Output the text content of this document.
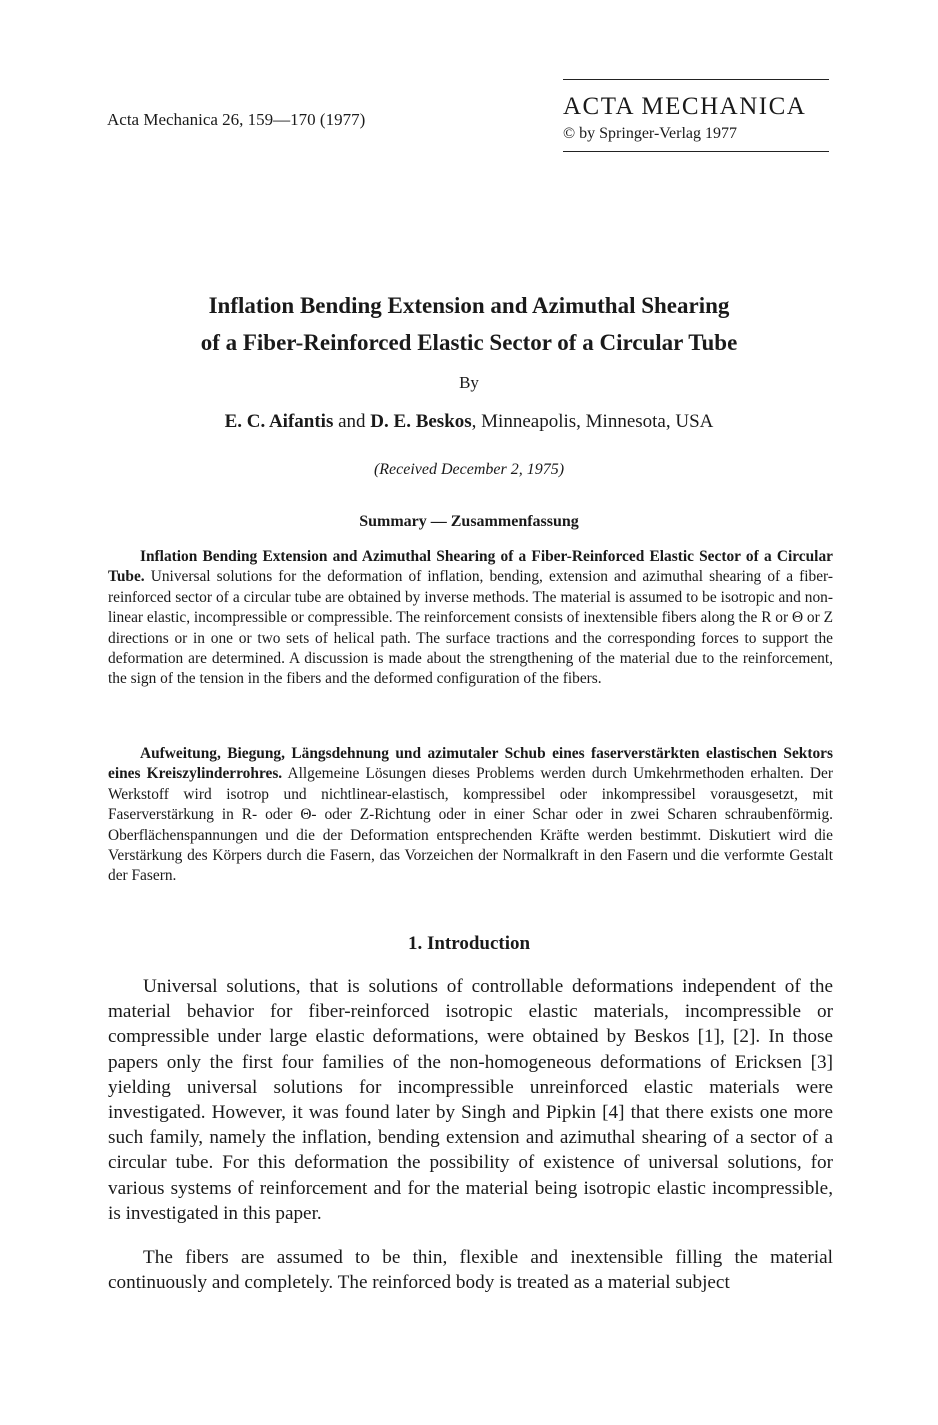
Acta Mechanica 26, 159—170 (1977)	ACTA MECHANICA
© by Springer-Verlag 1977
Inflation Bending Extension and Azimuthal Shearing
of a Fiber-Reinforced Elastic Sector of a Circular Tube
By
E. C. Aifantis and D. E. Beskos, Minneapolis, Minnesota, USA
(Received December 2, 1975)
Summary — Zusammenfassung

Inflation Bending Extension and Azimuthal Shearing of a Fiber-Reinforced Elastic Sector of a Circular Tube. Universal solutions for the deformation of inflation, bending, extension and azimuthal shearing of a fiber-reinforced sector of a circular tube are obtained by inverse methods. The material is assumed to be isotropic and non-linear elastic, incompressible or compressible. The reinforcement consists of inextensible fibers along the R or Θ or Z directions or in one or two sets of helical path. The surface tractions and the corresponding forces to support the deformation are determined. A discussion is made about the strengthening of the material due to the reinforcement, the sign of the tension in the fibers and the deformed configuration of the fibers.

Aufweitung, Biegung, Längsdehnung und azimutaler Schub eines faserverstärkten elastischen Sektors eines Kreiszylinderrohres. Allgemeine Lösungen dieses Problems werden durch Umkehrmethoden erhalten. Der Werkstoff wird isotrop und nichtlinear-elastisch, kompressibel oder inkompressibel vorausgesetzt, mit Faserverstärkung in R- oder Θ- oder Z-Richtung oder in einer Schar oder in zwei Scharen schraubenförmig. Oberflächenspannungen und die der Deformation entsprechenden Kräfte werden bestimmt. Diskutiert wird die Verstärkung des Körpers durch die Fasern, das Vorzeichen der Normalkraft in den Fasern und die verformte Gestalt der Fasern.

1. Introduction

Universal solutions, that is solutions of controllable deformations independent of the material behavior for fiber-reinforced isotropic elastic materials, incompressible or compressible under large elastic deformations, were obtained by Beskos [1], [2]. In those papers only the first four families of the non-homogeneous deformations of Ericksen [3] yielding universal solutions for incompressible unreinforced elastic materials were investigated. However, it was found later by Singh and Pipkin [4] that there exists one more such family, namely the inflation, bending extension and azimuthal shearing of a sector of a circular tube. For this deformation the possibility of existence of universal solutions, for various systems of reinforcement and for the material being isotropic elastic incompressible, is investigated in this paper.

The fibers are assumed to be thin, flexible and inextensible filling the material continuously and completely. The reinforced body is treated as a material subject
